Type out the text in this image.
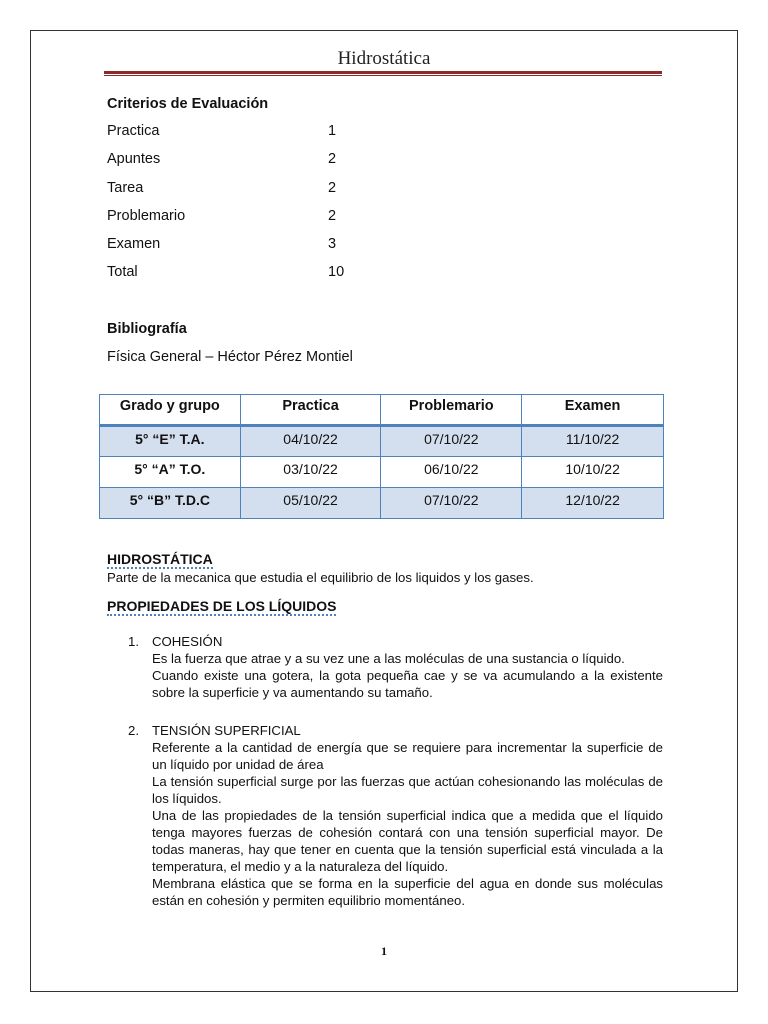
Hidrostática
Criterios de Evaluación
Practica	1
Apuntes	2
Tarea	2
Problemario	2
Examen	3
Total	10
Bibliografía
Física General – Héctor Pérez Montiel
Grado y grupo	Practica	Problemario	Examen
5° “E” T.A.	04/10/22	07/10/22	11/10/22
5° “A” T.O.	03/10/22	06/10/22	10/10/22
5° “B” T.D.C	05/10/22	07/10/22	12/10/22
HIDROSTÁTICA
Parte de la mecanica que estudia el equilibrio de los liquidos y los gases.
PROPIEDADES DE LOS LÍQUIDOS
1. COHESIÓN

Es la fuerza que atrae y a su vez une a las moléculas de una sustancia o líquido.

Cuando existe una gotera, la gota pequeña cae y se va acumulando a la existente sobre la superficie y va aumentando su tamaño.

2. TENSIÓN SUPERFICIAL

Referente a la cantidad de energía que se requiere para incrementar la superficie de un líquido por unidad de área

La tensión superficial surge por las fuerzas que actúan cohesionando las moléculas de los líquidos.

Una de las propiedades de la tensión superficial indica que a medida que el líquido tenga mayores fuerzas de cohesión contará con una tensión superficial mayor. De todas maneras, hay que tener en cuenta que la tensión superficial está vinculada a la temperatura, el medio y a la naturaleza del líquido.

Membrana elástica que se forma en la superficie del agua en donde sus moléculas están en cohesión y permiten equilibrio momentáneo.

1
